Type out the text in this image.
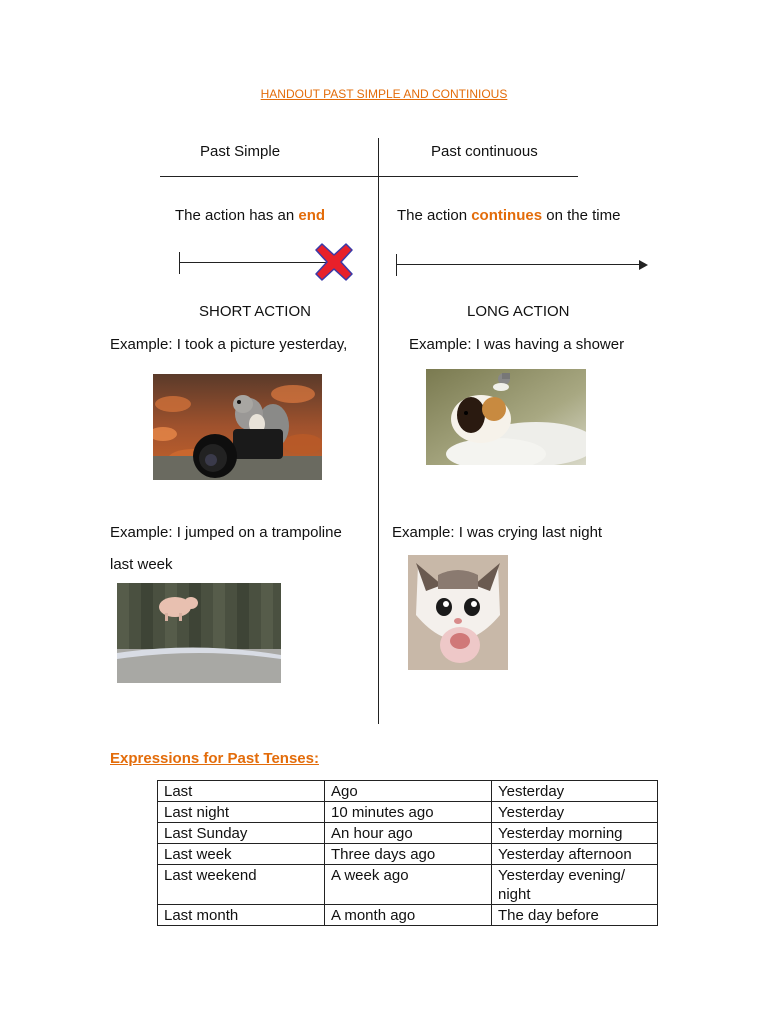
HANDOUT PAST SIMPLE AND CONTINIOUS
Past Simple	Past continuous
The action has an end	The action continues on the time
SHORT ACTION	LONG ACTION
Example: I took a picture yesterday,	Example: I was having a shower
Example: I jumped on a trampoline
last week
Example: I was crying last night
Expressions for Past Tenses:
Last	Ago	Yesterday
Last night	10 minutes ago	Yesterday
Last Sunday	An hour ago	Yesterday morning
Last week	Three days ago	Yesterday afternoon
Last weekend	A week ago	Yesterday evening/ night
Last month	A month ago	The day before
